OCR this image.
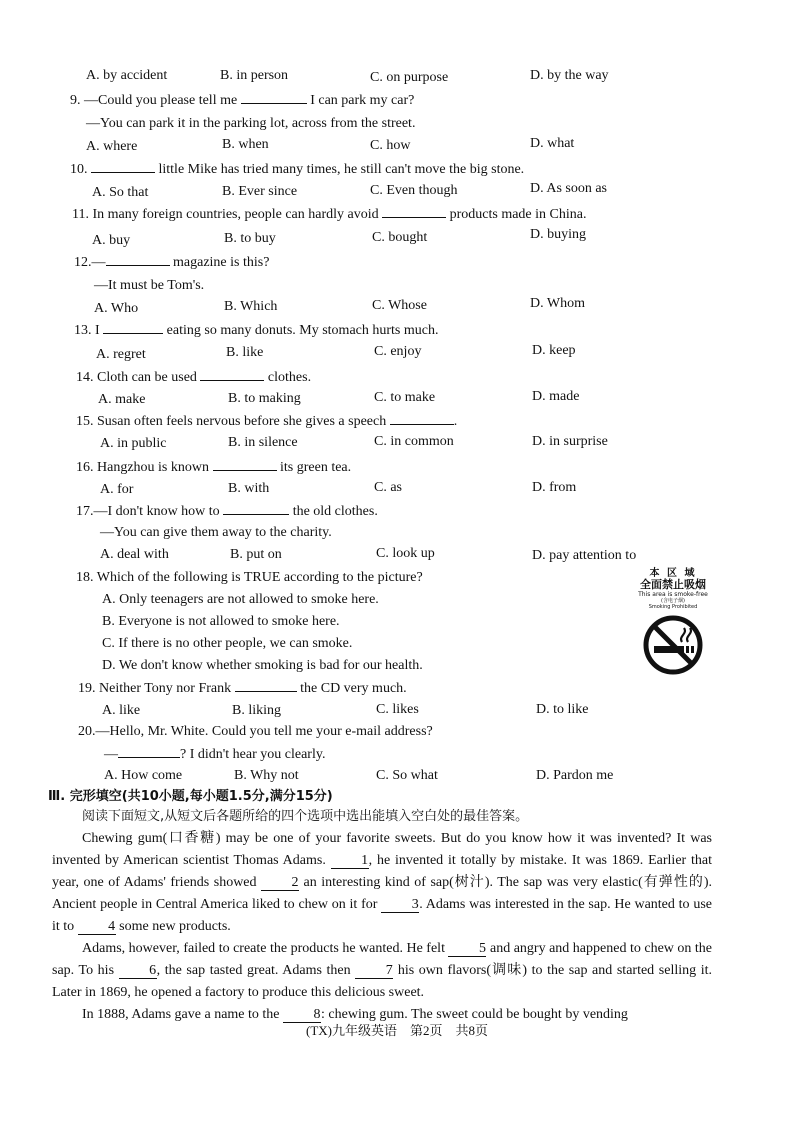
A. by accident	B. in person	C. on purpose	D. by the way
9. —Could you please tell me	I can park my car?
—You can park it in the parking lot, across from the street.
A. where	B. when	C. how	D. what
10.	little Mike has tried many times, he still can't move the big stone.
A. So that	B. Ever since	C. Even though	D. As soon as
11. In many foreign countries, people can hardly avoid	products made in China.
A. buy	B. to buy	C. bought	D. buying
12.—	magazine is this?
—It must be Tom's.
A. Who	B. Which	C. Whose	D. Whom
13. I	eating so many donuts. My stomach hurts much.
A. regret	B. like	C. enjoy	D. keep
14. Cloth can be used	clothes.
A. make	B. to making	C. to make	D. made
15. Susan often feels nervous before she gives a speech	.
A. in public	B. in silence	C. in common	D. in surprise
16. Hangzhou is known	its green tea.
A. for	B. with	C. as	D. from
17.—I don't know how to	the old clothes.
—You can give them away to the charity.
A. deal with	B. put on	C. look up	D. pay attention to
18. Which of the following is TRUE according to the picture?
A. Only teenagers are not allowed to smoke here.
B. Everyone is not allowed to smoke here.
C. If there is no other people, we can smoke.
D. We don't know whether smoking is bad for our health.
本 区 域
全面禁止吸烟
This area is smoke-free
(含电子烟)
Smoking Prohibited
19. Neither Tony nor Frank	the CD very much.
A. like	B. liking	C. likes	D. to like
20.—Hello, Mr. White. Could you tell me your e-mail address?
—	? I didn't hear you clearly.
A. How come	B. Why not	C. So what	D. Pardon me
Ⅲ. 完形填空(共10小题,每小题1.5分,满分15分)
阅读下面短文,从短文后各题所给的四个选项中选出能填入空白处的最佳答案。
Chewing gum(口香糖) may be one of your favorite sweets. But do you know how it was invented? It was invented by American scientist Thomas Adams. 1, he invented it totally by mistake. It was 1869. Earlier that year, one of Adams' friends showed 2 an interesting kind of sap(树汁). The sap was very elastic(有弹性的). Ancient people in Central America liked to chew on it for 3. Adams was interested in the sap. He wanted to use it to 4 some new products.
Adams, however, failed to create the products he wanted. He felt 5 and angry and happened to chew on the sap. To his 6, the sap tasted great. Adams then 7 his own flavors(调味) to the sap and started selling it. Later in 1869, he opened a factory to produce this delicious sweet.
In 1888, Adams gave a name to the 8: chewing gum. The sweet could be bought by vending
(TX)九年级英语　第2页　共8页
